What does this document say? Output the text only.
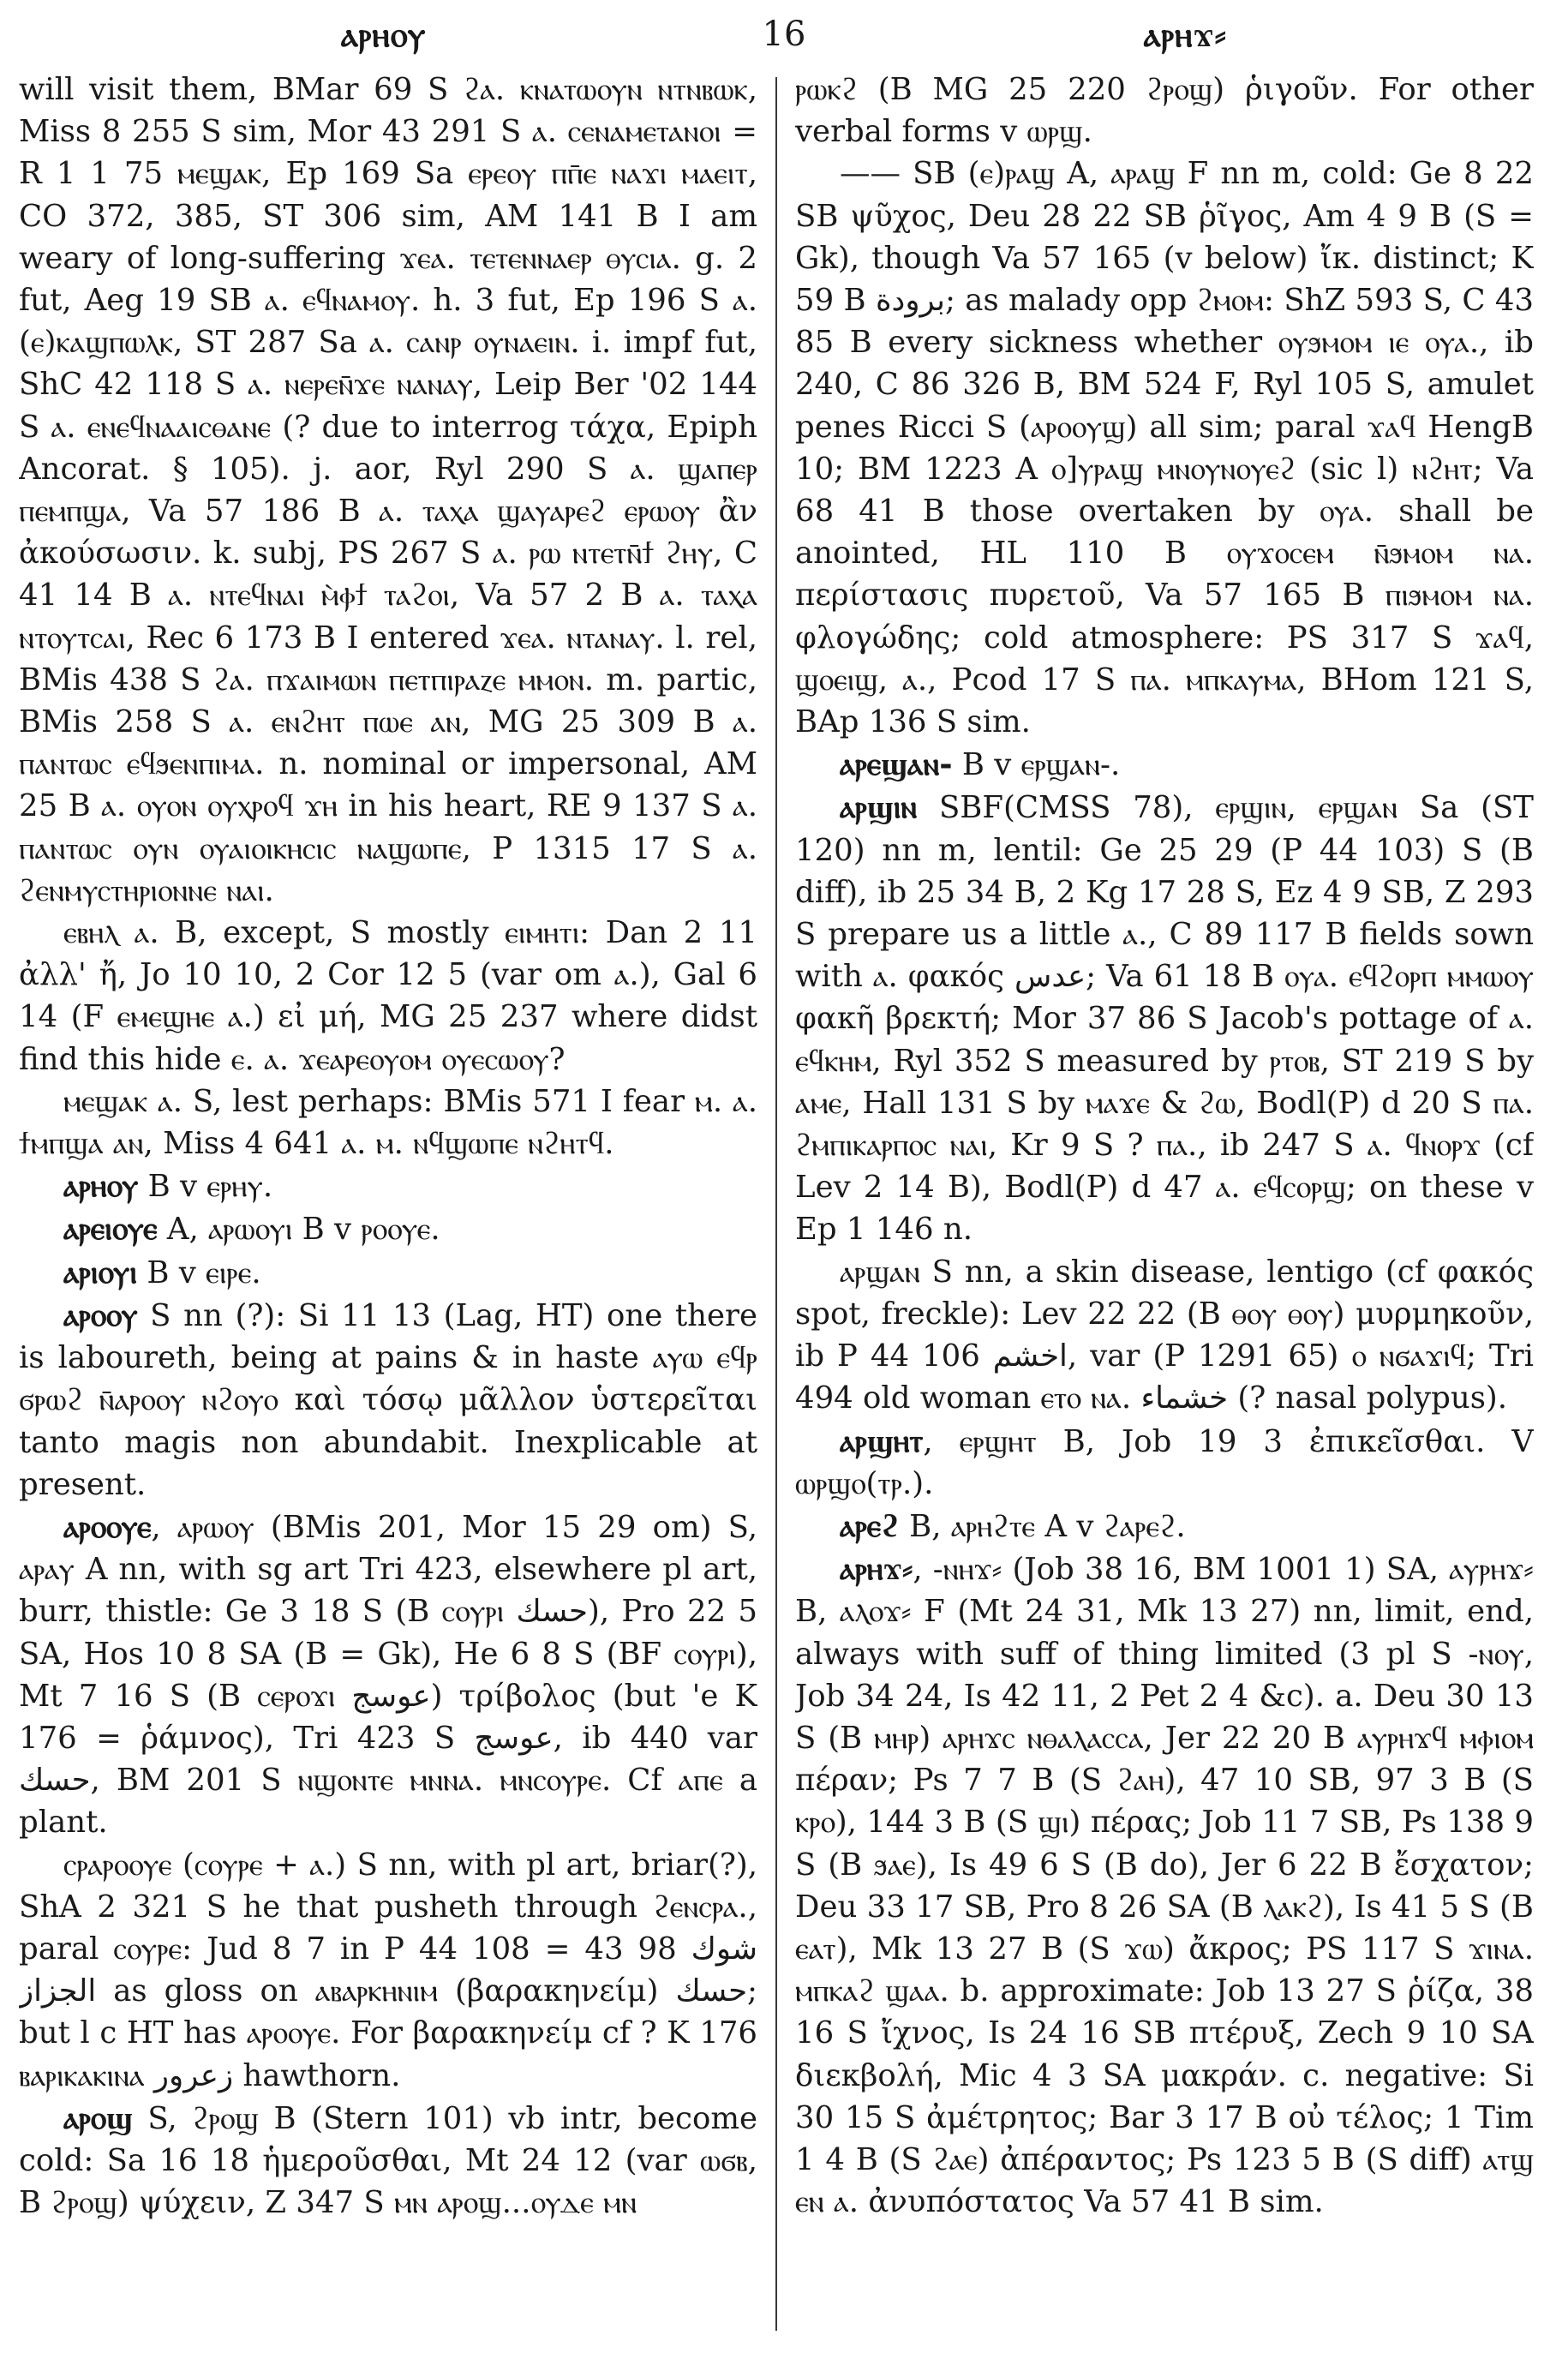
ⲁⲣⲏⲟⲩ	16	ⲁⲣⲏϫ⸗

will visit them, BMar 69 S ϩⲁ. ⲕⲛⲁⲧⲱⲟⲩⲛ ⲛⲧⲛⲃⲱⲕ, Miss 8 255 S sim, Mor 43 291 S ⲁ. ⲥⲉⲛⲁⲙⲉⲧⲁⲛⲟⲓ = R 1 1 75 ⲙⲉϣⲁⲕ, Ep 169 Sa ⲉⲣⲉⲟⲩ ⲡⲡ̄ⲉ ⲛⲁϫⲓ ⲙⲁⲉⲓⲧ, CO 372, 385, ST 306 sim, AM 141 B I am weary of long-suffering ϫⲉⲁ. ⲧⲉⲧⲉⲛⲛⲁⲉⲣ ⲑⲩⲥⲓⲁ. g. 2 fut, Aeg 19 SB ⲁ. ⲉϥⲛⲁⲙⲟⲩ. h. 3 fut, Ep 196 S ⲁ. (ⲉ)ⲕⲁϣⲡⲱⲗⲕ, ST 287 Sa ⲁ. ⲥⲁⲛⲣ ⲟⲩⲛⲁⲉⲓⲛ. i. impf fut, ShC 42 118 S ⲁ. ⲛⲉⲣⲉⲛ̄ϫⲉ ⲛⲁⲛⲁⲩ, Leip Ber '02 144 S ⲁ. ⲉⲛⲉϥⲛⲁⲁⲓⲥⲑⲁⲛⲉ (? due to interrog τάχα, Epiph Ancorat. § 105). j. aor, Ryl 290 S ⲁ. ϣⲁⲡⲉⲣ ⲡⲉⲙⲡϣⲁ, Va 57 186 B ⲁ. ⲧⲁⲭⲁ ϣⲁⲩⲁⲣⲉϩ ⲉⲣⲱⲟⲩ ἂν ἀκούσωσιν. k. subj, PS 267 S ⲁ. ⲣⲱ ⲛⲧⲉⲧⲛ̄ϯ ϩⲏⲩ, C 41 14 B ⲁ. ⲛⲧⲉϥⲛⲁⲓ ⲙ̀ⲫϯ ⲧⲁϩⲟⲓ, Va 57 2 B ⲁ. ⲧⲁⲭⲁ ⲛⲧⲟⲩⲧⲥⲁⲓ, Rec 6 173 B I entered ϫⲉⲁ. ⲛⲧⲁⲛⲁⲩ. l. rel, BMis 438 S ϩⲁ. ⲡϫⲁⲓⲙⲱⲛ ⲡⲉⲧⲡⲓⲣⲁⲍⲉ ⲙⲙⲟⲛ. m. partic, BMis 258 S ⲁ. ⲉⲛϩⲏⲧ ⲡⲱⲉ ⲁⲛ, MG 25 309 B ⲁ. ⲡⲁⲛⲧⲱⲥ ⲉϥϧⲉⲛⲡⲓⲙⲁ. n. nominal or impersonal, AM 25 B ⲁ. ⲟⲩⲟⲛ ⲟⲩⲭⲣⲟϥ ϫⲏ in his heart, RE 9 137 S ⲁ. ⲡⲁⲛⲧⲱⲥ ⲟⲩⲛ ⲟⲩⲁⲓⲟⲓⲕⲏⲥⲓⲥ ⲛⲁϣⲱⲡⲉ, P 1315 17 S ⲁ. ϩⲉⲛⲙⲩⲥⲧⲏⲣⲓⲟⲛⲛⲉ ⲛⲁⲓ.

ⲉⲃⲏⲗ ⲁ. B, except, S mostly ⲉⲓⲙⲏⲧⲓ: Dan 2 11 ἀλλ' ἤ, Jo 10 10, 2 Cor 12 5 (var om ⲁ.), Gal 6 14 (F ⲉⲙⲉϣⲏⲉ ⲁ.) εἰ μή, MG 25 237 where didst find this hide ⲉ. ⲁ. ϫⲉⲁⲣⲉⲟⲩⲟⲙ ⲟⲩⲉⲥⲱⲟⲩ?

ⲙⲉϣⲁⲕ ⲁ. S, lest perhaps: BMis 571 I fear ⲙ. ⲁ. ϯⲙⲡϣⲁ ⲁⲛ, Miss 4 641 ⲁ. ⲙ. ⲛϥϣⲱⲡⲉ ⲛϩⲏⲧϥ.

ⲁⲣⲏⲟⲩ B v ⲉⲣⲏⲩ.

ⲁⲣⲉⲓⲟⲩⲉ A, ⲁⲣⲱⲟⲩⲓ B v ⲣⲟⲟⲩⲉ.

ⲁⲣⲓⲟⲩⲓ B v ⲉⲓⲣⲉ.

ⲁⲣⲟⲟⲩ S nn (?): Si 11 13 (Lag, HT) one there is laboureth, being at pains & in haste ⲁⲩⲱ ⲉϥⲣ ϭⲣⲱϩ ⲛ̄ⲁⲣⲟⲟⲩ ⲛϩⲟⲩⲟ καὶ τόσῳ μᾶλλον ὑστερεῖται tanto magis non abundabit. Inexplicable at present.

ⲁⲣⲟⲟⲩⲉ, ⲁⲣⲱⲟⲩ (BMis 201, Mor 15 29 om) S, ⲁⲣⲁⲩ A nn, with sg art Tri 423, elsewhere pl art, burr, thistle: Ge 3 18 S (B ⲥⲟⲩⲣⲓ حسك), Pro 22 5 SA, Hos 10 8 SA (B = Gk), He 6 8 S (BF ⲥⲟⲩⲣⲓ), Mt 7 16 S (B ⲥⲉⲣⲟϫⲓ عوسج) τρίβολος (but 'e K 176 = ῥάμνος), Tri 423 S عوسج, ib 440 var حسك, BM 201 S ⲛϣⲟⲛⲧⲉ ⲙⲛⲛⲁ. ⲙⲛⲥⲟⲩⲣⲉ. Cf ⲁⲡⲉ a plant.

ⲥⲣⲁⲣⲟⲟⲩⲉ (ⲥⲟⲩⲣⲉ + ⲁ.) S nn, with pl art, briar(?), ShA 2 321 S he that pusheth through ϩⲉⲛⲥⲣⲁ., paral ⲥⲟⲩⲣⲉ: Jud 8 7 in P 44 108 = 43 98 شوك الجزاز as gloss on ⲁⲃⲁⲣⲕⲏⲛⲓⲙ (βαρακηνείμ) حسك; but l c HT has ⲁⲣⲟⲟⲩⲉ. For βαρακηνείμ cf ? K 176 ⲃⲁⲣⲓⲕⲁⲕⲓⲛⲁ زعرور hawthorn.

ⲁⲣⲟϣ S, ϩⲣⲟϣ B (Stern 101) vb intr, become cold: Sa 16 18 ἡμεροῦσθαι, Mt 24 12 (var ⲱϭⲃ, B ϩⲣⲟϣ) ψύχειν, Z 347 S ⲙⲛ ⲁⲣⲟϣ...ⲟⲩⲇⲉ ⲙⲛ

ⲣⲱⲕϩ (B MG 25 220 ϩⲣⲟϣ) ῥιγοῦν. For other verbal forms v ⲱⲣϣ.

—— SB (ⲉ)ⲣⲁϣ A, ⲁⲣⲁϣ F nn m, cold: Ge 8 22 SB ψῦχος, Deu 28 22 SB ῥῖγος, Am 4 9 B (S = Gk), though Va 57 165 (v below) ἴκ. distinct; K 59 B برودة; as malady opp ϩⲙⲟⲙ: ShZ 593 S, C 43 85 B every sickness whether ⲟⲩϧⲙⲟⲙ ⲓⲉ ⲟⲩⲁ., ib 240, C 86 326 B, BM 524 F, Ryl 105 S, amulet penes Ricci S (ⲁⲣⲟⲟⲩϣ) all sim; paral ϫⲁϥ HengB 10; BM 1223 A ⲟ]ⲩⲣⲁϣ ⲙⲛⲟⲩⲛⲟⲩⲉϩ (sic l) ⲛϩⲏⲧ; Va 68 41 B those overtaken by ⲟⲩⲁ. shall be anointed, HL 110 B ⲟⲩϫⲟⲥⲉⲙ ⲛ̄ϧⲙⲟⲙ ⲛⲁ. περίστασις πυρετοῦ, Va 57 165 B ⲡⲓϧⲙⲟⲙ ⲛⲁ. φλογώδης; cold atmosphere: PS 317 S ϫⲁϥ, ϣⲟⲉⲓϣ, ⲁ., Pcod 17 S ⲡⲁ. ⲙⲡⲕⲁⲩⲙⲁ, BHom 121 S, BAp 136 S sim.

ⲁⲣⲉϣⲁⲛ- B v ⲉⲣϣⲁⲛ-.

ⲁⲣϣⲓⲛ SBF(CMSS 78), ⲉⲣϣⲓⲛ, ⲉⲣϣⲁⲛ Sa (ST 120) nn m, lentil: Ge 25 29 (P 44 103) S (B diff), ib 25 34 B, 2 Kg 17 28 S, Ez 4 9 SB, Z 293 S prepare us a little ⲁ., C 89 117 B fields sown with ⲁ. φακός عدس; Va 61 18 B ⲟⲩⲁ. ⲉϥϩⲟⲣⲡ ⲙⲙⲱⲟⲩ φακῆ βρεκτή; Mor 37 86 S Jacob's pottage of ⲁ. ⲉϥⲕⲏⲙ, Ryl 352 S measured by ⲣⲧⲟⲃ, ST 219 S by ⲁⲙⲉ, Hall 131 S by ⲙⲁϫⲉ & ϩⲱ, Bodl(P) d 20 S ⲡⲁ. ϩⲙⲡⲓⲕⲁⲣⲡⲟⲥ ⲛⲁⲓ, Kr 9 S ? ⲡⲁ., ib 247 S ⲁ. ϥⲛⲟⲣϫ (cf Lev 2 14 B), Bodl(P) d 47 ⲁ. ⲉϥⲥⲟⲣϣ; on these v Ep 1 146 n.

ⲁⲣϣⲁⲛ S nn, a skin disease, lentigo (cf φακός spot, freckle): Lev 22 22 (B ⲑⲟⲩ ⲑⲟⲩ) μυρμηκοῦν, ib P 44 106 اخشم, var (P 1291 65) ⲟ ⲛϭⲁϫⲓϥ; Tri 494 old woman ⲉⲧⲟ ⲛⲁ. خشماء (? nasal polypus).

ⲁⲣϣⲏⲧ, ⲉⲣϣⲏⲧ B, Job 19 3 ἐπικεῖσθαι. V ⲱⲣϣⲟ(ⲧⲣ.).

ⲁⲣⲉϩ B, ⲁⲣⲏϩⲧⲉ A v ϩⲁⲣⲉϩ.

ⲁⲣⲏϫ⸗, -ⲛⲏϫ⸗ (Job 38 16, BM 1001 1) SA, ⲁⲩⲣⲏϫ⸗ B, ⲁⲗⲟϫ⸗ F (Mt 24 31, Mk 13 27) nn, limit, end, always with suff of thing limited (3 pl S -ⲛⲟⲩ, Job 34 24, Is 42 11, 2 Pet 2 4 &c). a. Deu 30 13 S (B ⲙⲏⲣ) ⲁⲣⲏϫⲥ ⲛⲑⲁⲗⲁⲥⲥⲁ, Jer 22 20 B ⲁⲩⲣⲏϫϥ ⲙⲫⲓⲟⲙ πέραν; Ps 7 7 B (S ϩⲁⲏ), 47 10 SB, 97 3 B (S ⲕⲣⲟ), 144 3 B (S ϣⲓ) πέρας; Job 11 7 SB, Ps 138 9 S (B ϧⲁⲉ), Is 49 6 S (B do), Jer 6 22 B ἔσχατον; Deu 33 17 SB, Pro 8 26 SA (B ⲗⲁⲕϩ), Is 41 5 S (B ⲉⲁⲧ), Mk 13 27 B (S ϫⲱ) ἄκρος; PS 117 S ϫⲓⲛⲁ. ⲙⲡⲕⲁϩ ϣⲁⲁ. b. approximate: Job 13 27 S ῥίζα, 38 16 S ἴχνος, Is 24 16 SB πτέρυξ, Zech 9 10 SA διεκβολή, Mic 4 3 SA μακράν. c. negative: Si 30 15 S ἀμέτρητος; Bar 3 17 B οὐ τέλος; 1 Tim 1 4 B (S ϩⲁⲉ) ἀπέραντος; Ps 123 5 B (S diff) ⲁⲧϣ ⲉⲛ ⲁ. ἀνυπόστατος Va 57 41 B sim.
